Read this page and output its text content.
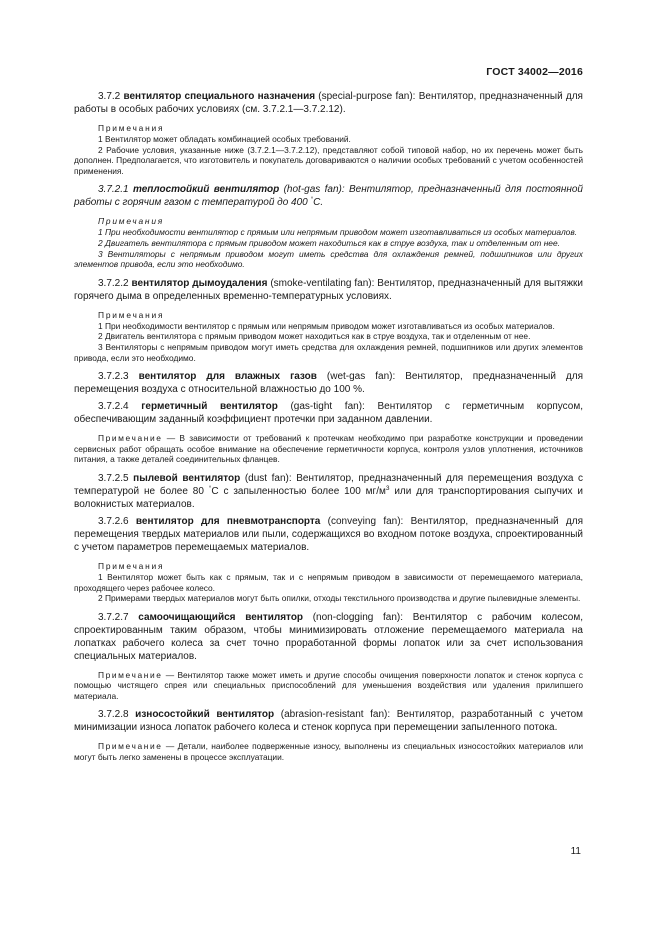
ГОСТ 34002—2016

3.7.2 вентилятор специального назначения (special-purpose fan): Вентилятор, предназначенный для работы в особых рабочих условиях (см. 3.7.2.1—3.7.2.12).

Примечания

1 Вентилятор может обладать комбинацией особых требований.

2 Рабочие условия, указанные ниже (3.7.2.1—3.7.2.12), представляют собой типовой набор, но их перечень может быть дополнен. Предполагается, что изготовитель и покупатель договариваются о наличии особых требований с учетом особенностей применения.

3.7.2.1 теплостойкий вентилятор (hot-gas fan): Вентилятор, предназначенный для постоянной работы с горячим газом с температурой до 400 °С.

Примечания

1 При необходимости вентилятор с прямым или непрямым приводом может изготавливаться из особых материалов.

2 Двигатель вентилятора с прямым приводом может находиться как в струе воздуха, так и отделенным от нее.

3 Вентиляторы с непрямым приводом могут иметь средства для охлаждения ремней, подшипников или других элементов привода, если это необходимо.

3.7.2.2 вентилятор дымоудаления (smoke-ventilating fan): Вентилятор, предназначенный для вытяжки горячего дыма в определенных временно-температурных условиях.

Примечания

1 При необходимости вентилятор с прямым или непрямым приводом может изготавливаться из особых материалов.

2 Двигатель вентилятора с прямым приводом может находиться как в струе воздуха, так и отделенным от нее.

3 Вентиляторы с непрямым приводом могут иметь средства для охлаждения ремней, подшипников или других элементов привода, если это необходимо.

3.7.2.3 вентилятор для влажных газов (wet-gas fan): Вентилятор, предназначенный для перемещения воздуха с относительной влажностью до 100 %.

3.7.2.4 герметичный вентилятор (gas-tight fan): Вентилятор с герметичным корпусом, обеспечивающим заданный коэффициент протечки при заданном давлении.

Примечание — В зависимости от требований к протечкам необходимо при разработке конструкции и проведении сервисных работ обращать особое внимание на обеспечение герметичности корпуса, контроля узлов уплотнения, источников питания, а также деталей соединительных фланцев.

3.7.2.5 пылевой вентилятор (dust fan): Вентилятор, предназначенный для перемещения воздуха с температурой не более 80 °С с запыленностью более 100 $мг/м^3$ или для транспортирования сыпучих и волокнистых материалов.

3.7.2.6 вентилятор для пневмотранспорта (conveying fan): Вентилятор, предназначенный для перемещения твердых материалов или пыли, содержащихся во входном потоке воздуха, спроектированный с учетом параметров перемещаемых материалов.

Примечания

1 Вентилятор может быть как с прямым, так и с непрямым приводом в зависимости от перемещаемого материала, проходящего через рабочее колесо.

2 Примерами твердых материалов могут быть опилки, отходы текстильного производства и другие пылевидные элементы.

3.7.2.7 самоочищающийся вентилятор (non-clogging fan): Вентилятор с рабочим колесом, спроектированным таким образом, чтобы минимизировать отложение перемещаемого материала на лопатках рабочего колеса за счет точно проработанной формы лопаток или за счет использования специальных материалов.

Примечание — Вентилятор также может иметь и другие способы очищения поверхности лопаток и стенок корпуса с помощью чистящего спрея или специальных приспособлений для уменьшения воздействия или удаления прилипшего материала.

3.7.2.8 износостойкий вентилятор (abrasion-resistant fan): Вентилятор, разработанный с учетом минимизации износа лопаток рабочего колеса и стенок корпуса при перемещении запыленного потока.

Примечание — Детали, наиболее подверженные износу, выполнены из специальных износостойких материалов или могут быть легко заменены в процессе эксплуатации.

11
